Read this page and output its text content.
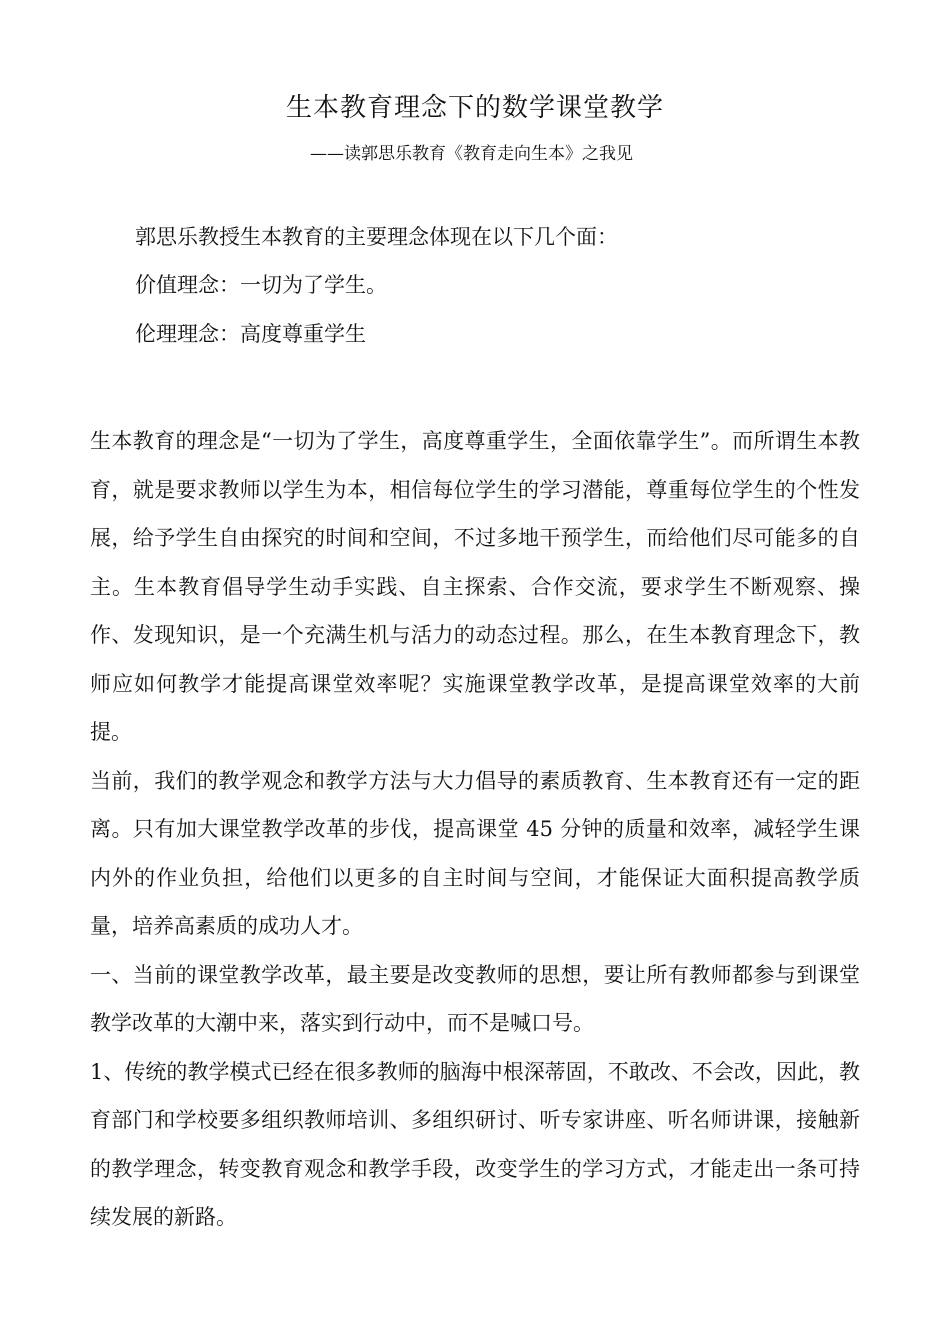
生本教育理念下的数学课堂教学
——读郭思乐教育《教育走向生本》之我见
郭思乐教授生本教育的主要理念体现在以下几个面：
价值理念：一切为了学生。
伦理理念：高度尊重学生

生本教育的理念是“一切为了学生，高度尊重学生，全面依靠学生”。而所谓生本教育，就是要求教师以学生为本，相信每位学生的学习潜能，尊重每位学生的个性发展，给予学生自由探究的时间和空间，不过多地干预学生，而给他们尽可能多的自主。生本教育倡导学生动手实践、自主探索、合作交流，要求学生不断观察、操作、发现知识，是一个充满生机与活力的动态过程。那么，在生本教育理念下，教师应如何教学才能提高课堂效率呢？实施课堂教学改革，是提高课堂效率的大前提。

当前，我们的教学观念和教学方法与大力倡导的素质教育、生本教育还有一定的距离。只有加大课堂教学改革的步伐，提高课堂 45 分钟的质量和效率，减轻学生课内外的作业负担，给他们以更多的自主时间与空间，才能保证大面积提高教学质量，培养高素质的成功人才。

一、当前的课堂教学改革，最主要是改变教师的思想，要让所有教师都参与到课堂教学改革的大潮中来，落实到行动中，而不是喊口号。

1、传统的教学模式已经在很多教师的脑海中根深蒂固，不敢改、不会改，因此，教育部门和学校要多组织教师培训、多组织研讨、听专家讲座、听名师讲课，接触新的教学理念，转变教育观念和教学手段，改变学生的学习方式，才能走出一条可持续发展的新路。
